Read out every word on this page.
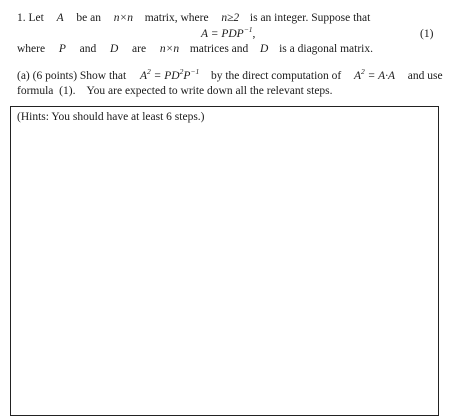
1. Let A be an n×n matrix, where n≥2 is an integer. Suppose that
$A = PDP^{-1}$,	(1)
where P and D are n×n matrices and D is a diagonal matrix.
(a) (6 points) Show that $A^2 = PD^2P^{-1}$ by the direct computation of $A^2 = A\cdot A$ and use
formula  (1).    You are expected to write down all the relevant steps.
(Hints: You should have at least 6 steps.)
